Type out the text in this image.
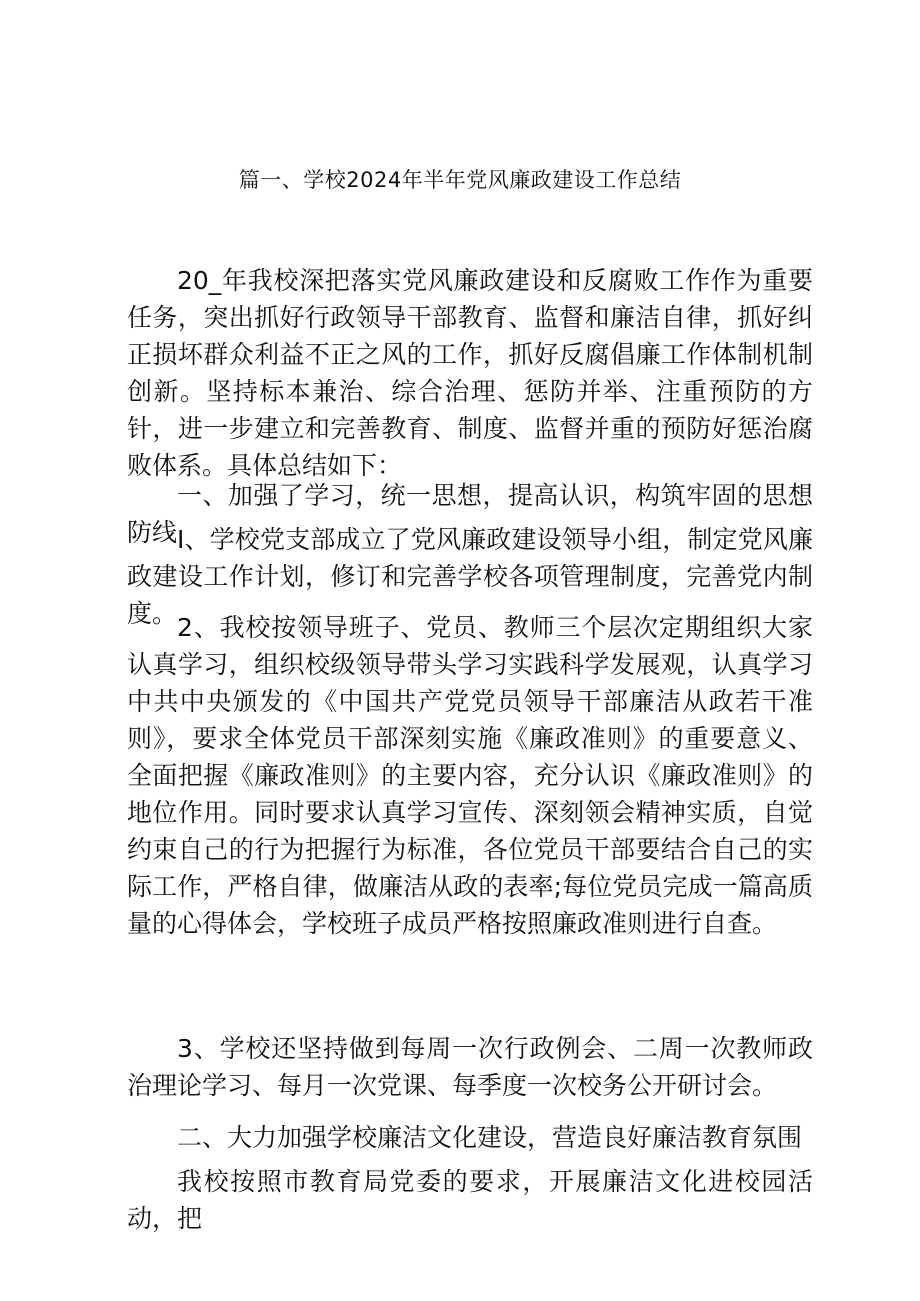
篇一、学校2024年半年党风廉政建设工作总结

20_年我校深把落实党风廉政建设和反腐败工作作为重要任务，突出抓好行政领导干部教育、监督和廉洁自律，抓好纠正损坏群众利益不正之风的工作，抓好反腐倡廉工作体制机制创新。坚持标本兼治、综合治理、惩防并举、注重预防的方针，进一步建立和完善教育、制度、监督并重的预防好惩治腐败体系。具体总结如下：

一、加强了学习，统一思想，提高认识，构筑牢固的思想防线 I、学校党支部成立了党风廉政建设领导小组，制定党风廉政建设工作计划，修订和完善学校各项管理制度，完善党内制度。 2、我校按领导班子、党员、教师三个层次定期组织大家认真学习，组织校级领导带头学习实践科学发展观，认真学习中共中央颁发的《中国共产党党员领导干部廉洁从政若干准则》，要求全体党员干部深刻实施《廉政准则》的重要意义、全面把握《廉政准则》的主要内容，充分认识《廉政准则》的地位作用。同时要求认真学习宣传、深刻领会精神实质，自觉约束自己的行为把握行为标准，各位党员干部要结合自己的实际工作，严格自律，做廉洁从政的表率;每位党员完成一篇高质量的心得体会，学校班子成员严格按照廉政准则进行自查。

3、学校还坚持做到每周一次行政例会、二周一次教师政治理论学习、每月一次党课、每季度一次校务公开研讨会。

二、大力加强学校廉洁文化建设，营造良好廉洁教育氛围

我校按照市教育局党委的要求，开展廉洁文化进校园活动，把
